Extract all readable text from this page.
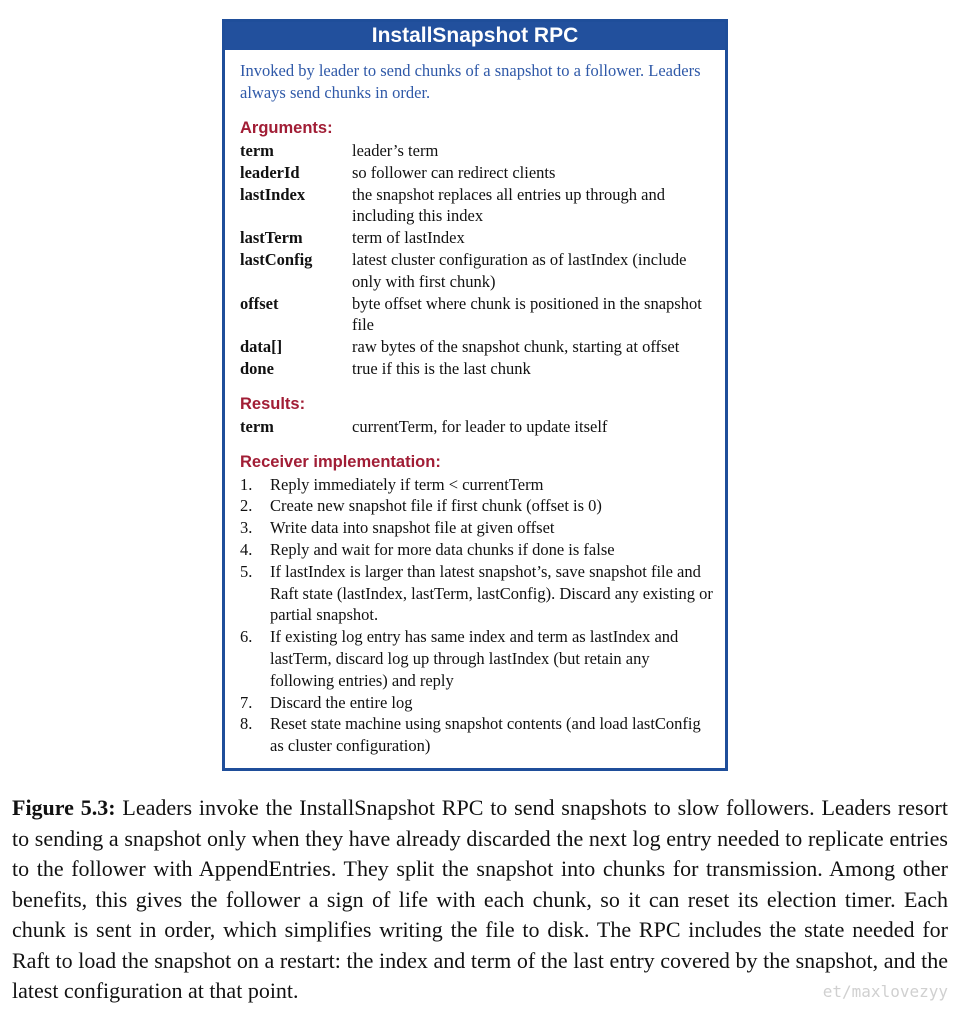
InstallSnapshot RPC

Invoked by leader to send chunks of a snapshot to a follower. Leaders always send chunks in order.

Arguments:
term	leader’s term
leaderId	so follower can redirect clients
lastIndex	the snapshot replaces all entries up through and including this index
lastTerm	term of lastIndex
lastConfig	latest cluster configuration as of lastIndex (include only with first chunk)
offset	byte offset where chunk is positioned in the snapshot file
data[]	raw bytes of the snapshot chunk, starting at offset
done	true if this is the last chunk
Results:
term	currentTerm, for leader to update itself
Receiver implementation:
1.	Reply immediately if term < currentTerm
2.	Create new snapshot file if first chunk (offset is 0)
3.	Write data into snapshot file at given offset
4.	Reply and wait for more data chunks if done is false
5.	If lastIndex is larger than latest snapshot’s, save snapshot file and Raft state (lastIndex, lastTerm, lastConfig). Discard any existing or partial snapshot.
6.	If existing log entry has same index and term as lastIndex and lastTerm, discard log up through lastIndex (but retain any following entries) and reply
7.	Discard the entire log
8.	Reset state machine using snapshot contents (and load lastConfig as cluster configuration)

Figure 5.3: Leaders invoke the InstallSnapshot RPC to send snapshots to slow followers. Leaders resort to sending a snapshot only when they have already discarded the next log entry needed to replicate entries to the follower with AppendEntries. They split the snapshot into chunks for transmission. Among other benefits, this gives the follower a sign of life with each chunk, so it can reset its election timer. Each chunk is sent in order, which simplifies writing the file to disk. The RPC includes the state needed for Raft to load the snapshot on a restart: the index and term of the last entry covered by the snapshot, and the latest configuration at that point.	et/maxlovezyy
